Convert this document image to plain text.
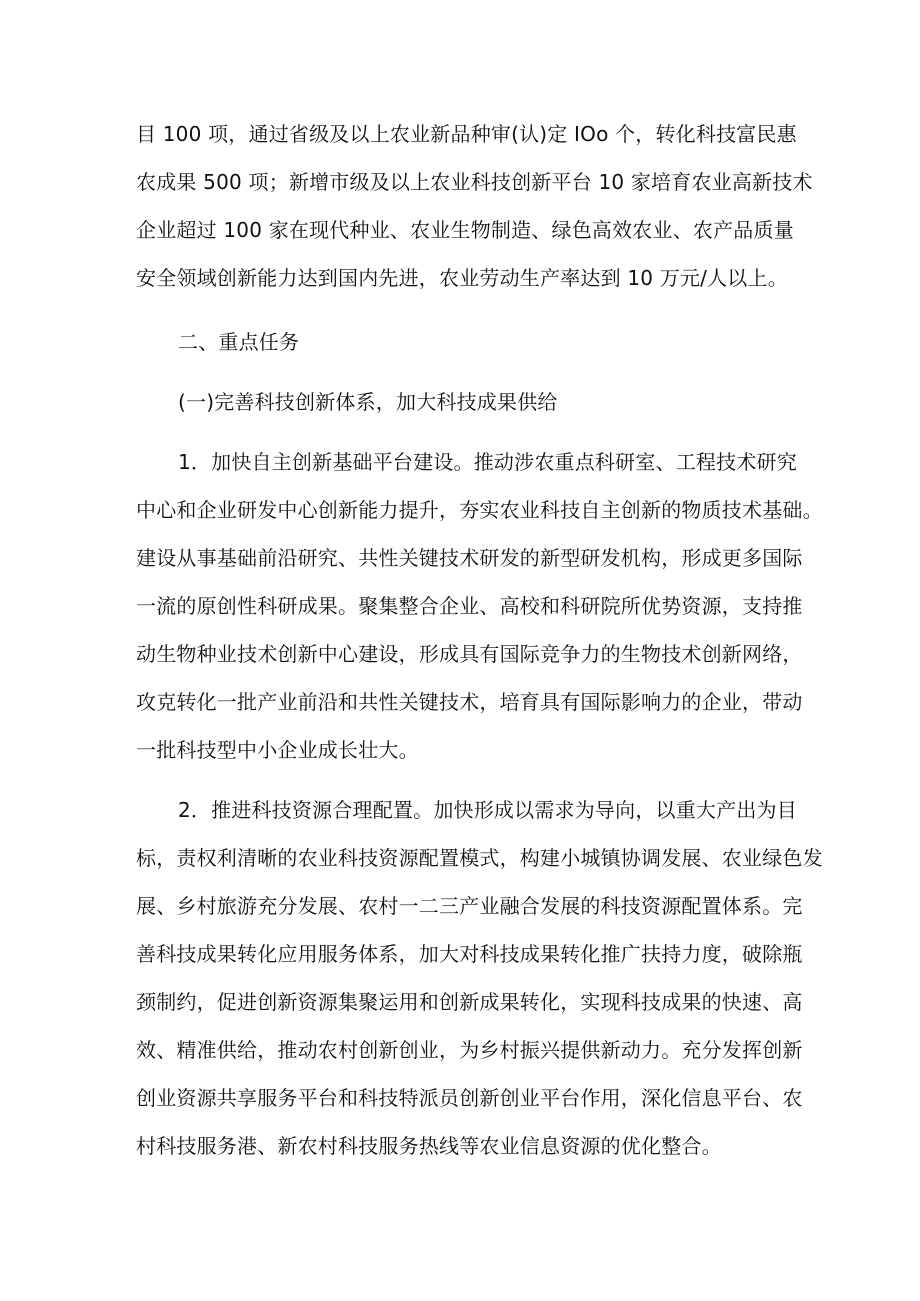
目 100 项，通过省级及以上农业新品种审(认)定 IOo 个，转化科技富民惠
农成果 500 项；新增市级及以上农业科技创新平台 10 家培育农业高新技术
企业超过 100 家在现代种业、农业生物制造、绿色高效农业、农产品质量
安全领域创新能力达到国内先进，农业劳动生产率达到 10 万元/人以上。
二、重点任务
(一)完善科技创新体系，加大科技成果供给
1．加快自主创新基础平台建设。推动涉农重点科研室、工程技术研究
中心和企业研发中心创新能力提升，夯实农业科技自主创新的物质技术基础。
建设从事基础前沿研究、共性关键技术研发的新型研发机构，形成更多国际
一流的原创性科研成果。聚集整合企业、高校和科研院所优势资源，支持推
动生物种业技术创新中心建设，形成具有国际竞争力的生物技术创新网络，
攻克转化一批产业前沿和共性关键技术，培育具有国际影响力的企业，带动
一批科技型中小企业成长壮大。
2．推进科技资源合理配置。加快形成以需求为导向，以重大产出为目
标，责权利清晰的农业科技资源配置模式，构建小城镇协调发展、农业绿色发
展、乡村旅游充分发展、农村一二三产业融合发展的科技资源配置体系。完
善科技成果转化应用服务体系，加大对科技成果转化推广扶持力度，破除瓶
颈制约，促进创新资源集聚运用和创新成果转化，实现科技成果的快速、高
效、精准供给，推动农村创新创业，为乡村振兴提供新动力。充分发挥创新
创业资源共享服务平台和科技特派员创新创业平台作用，深化信息平台、农
村科技服务港、新农村科技服务热线等农业信息资源的优化整合。
